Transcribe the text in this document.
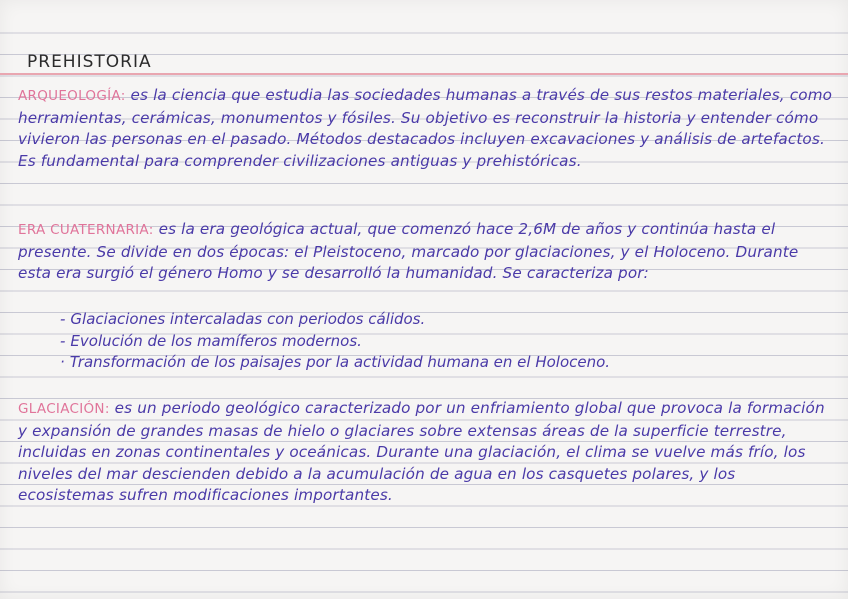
PREHISTORIA

ARQUEOLOGÍA: es la ciencia que estudia las sociedades humanas a través de sus restos materiales, como herramientas, cerámicas, monumentos y fósiles. Su objetivo es reconstruir la historia y entender cómo vivieron las personas en el pasado. Métodos destacados incluyen excavaciones y análisis de artefactos. Es fundamental para comprender civilizaciones antiguas y prehistóricas.

ERA CUATERNARIA: es la era geológica actual, que comenzó hace 2,6M de años y continúa hasta el presente. Se divide en dos épocas: el Pleistoceno, marcado por glaciaciones, y el Holoceno. Durante esta era surgió el género Homo y se desarrolló la humanidad. Se caracteriza por:

- Glaciaciones intercaladas con periodos cálidos.
- Evolución de los mamíferos modernos.
· Transformación de los paisajes por la actividad humana en el Holoceno.

GLACIACIÓN: es un periodo geológico caracterizado por un enfriamiento global que provoca la formación y expansión de grandes masas de hielo o glaciares sobre extensas áreas de la superficie terrestre, incluidas en zonas continentales y oceánicas. Durante una glaciación, el clima se vuelve más frío, los niveles del mar descienden debido a la acumulación de agua en los casquetes polares, y los ecosistemas sufren modificaciones importantes.
